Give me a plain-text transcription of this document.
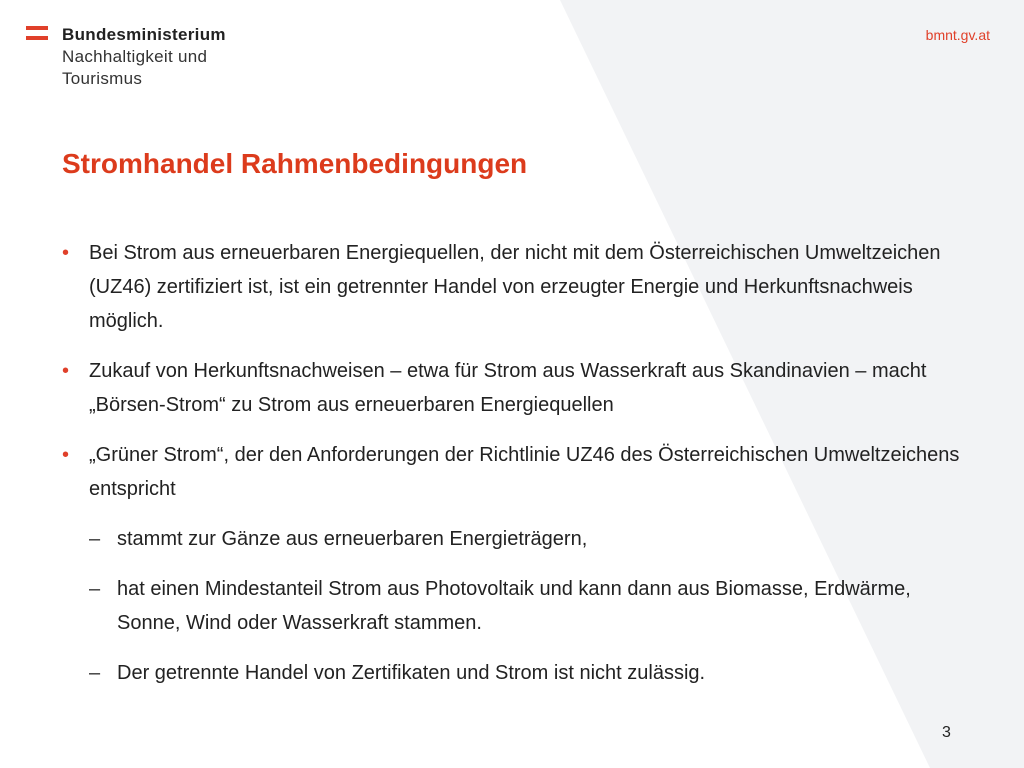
Bundesministerium
Nachhaltigkeit und
Tourismus
bmnt.gv.at
Stromhandel Rahmenbedingungen
• Bei Strom aus erneuerbaren Energiequellen, der nicht mit dem Österreichischen Umweltzeichen (UZ46) zertifiziert ist, ist ein getrennter Handel von erzeugter Energie und Herkunftsnachweis möglich.
• Zukauf von Herkunftsnachweisen – etwa für Strom aus Wasserkraft aus Skandinavien – macht „Börsen-Strom“ zu Strom aus erneuerbaren Energiequellen
• „Grüner Strom“, der den Anforderungen der Richtlinie UZ46 des Österreichischen Umweltzeichens entspricht
– stammt zur Gänze aus erneuerbaren Energieträgern,
– hat einen Mindestanteil Strom aus Photovoltaik und kann dann aus Biomasse, Erdwärme, Sonne, Wind oder Wasserkraft stammen.
– Der getrennte Handel von Zertifikaten und Strom ist nicht zulässig.
3
